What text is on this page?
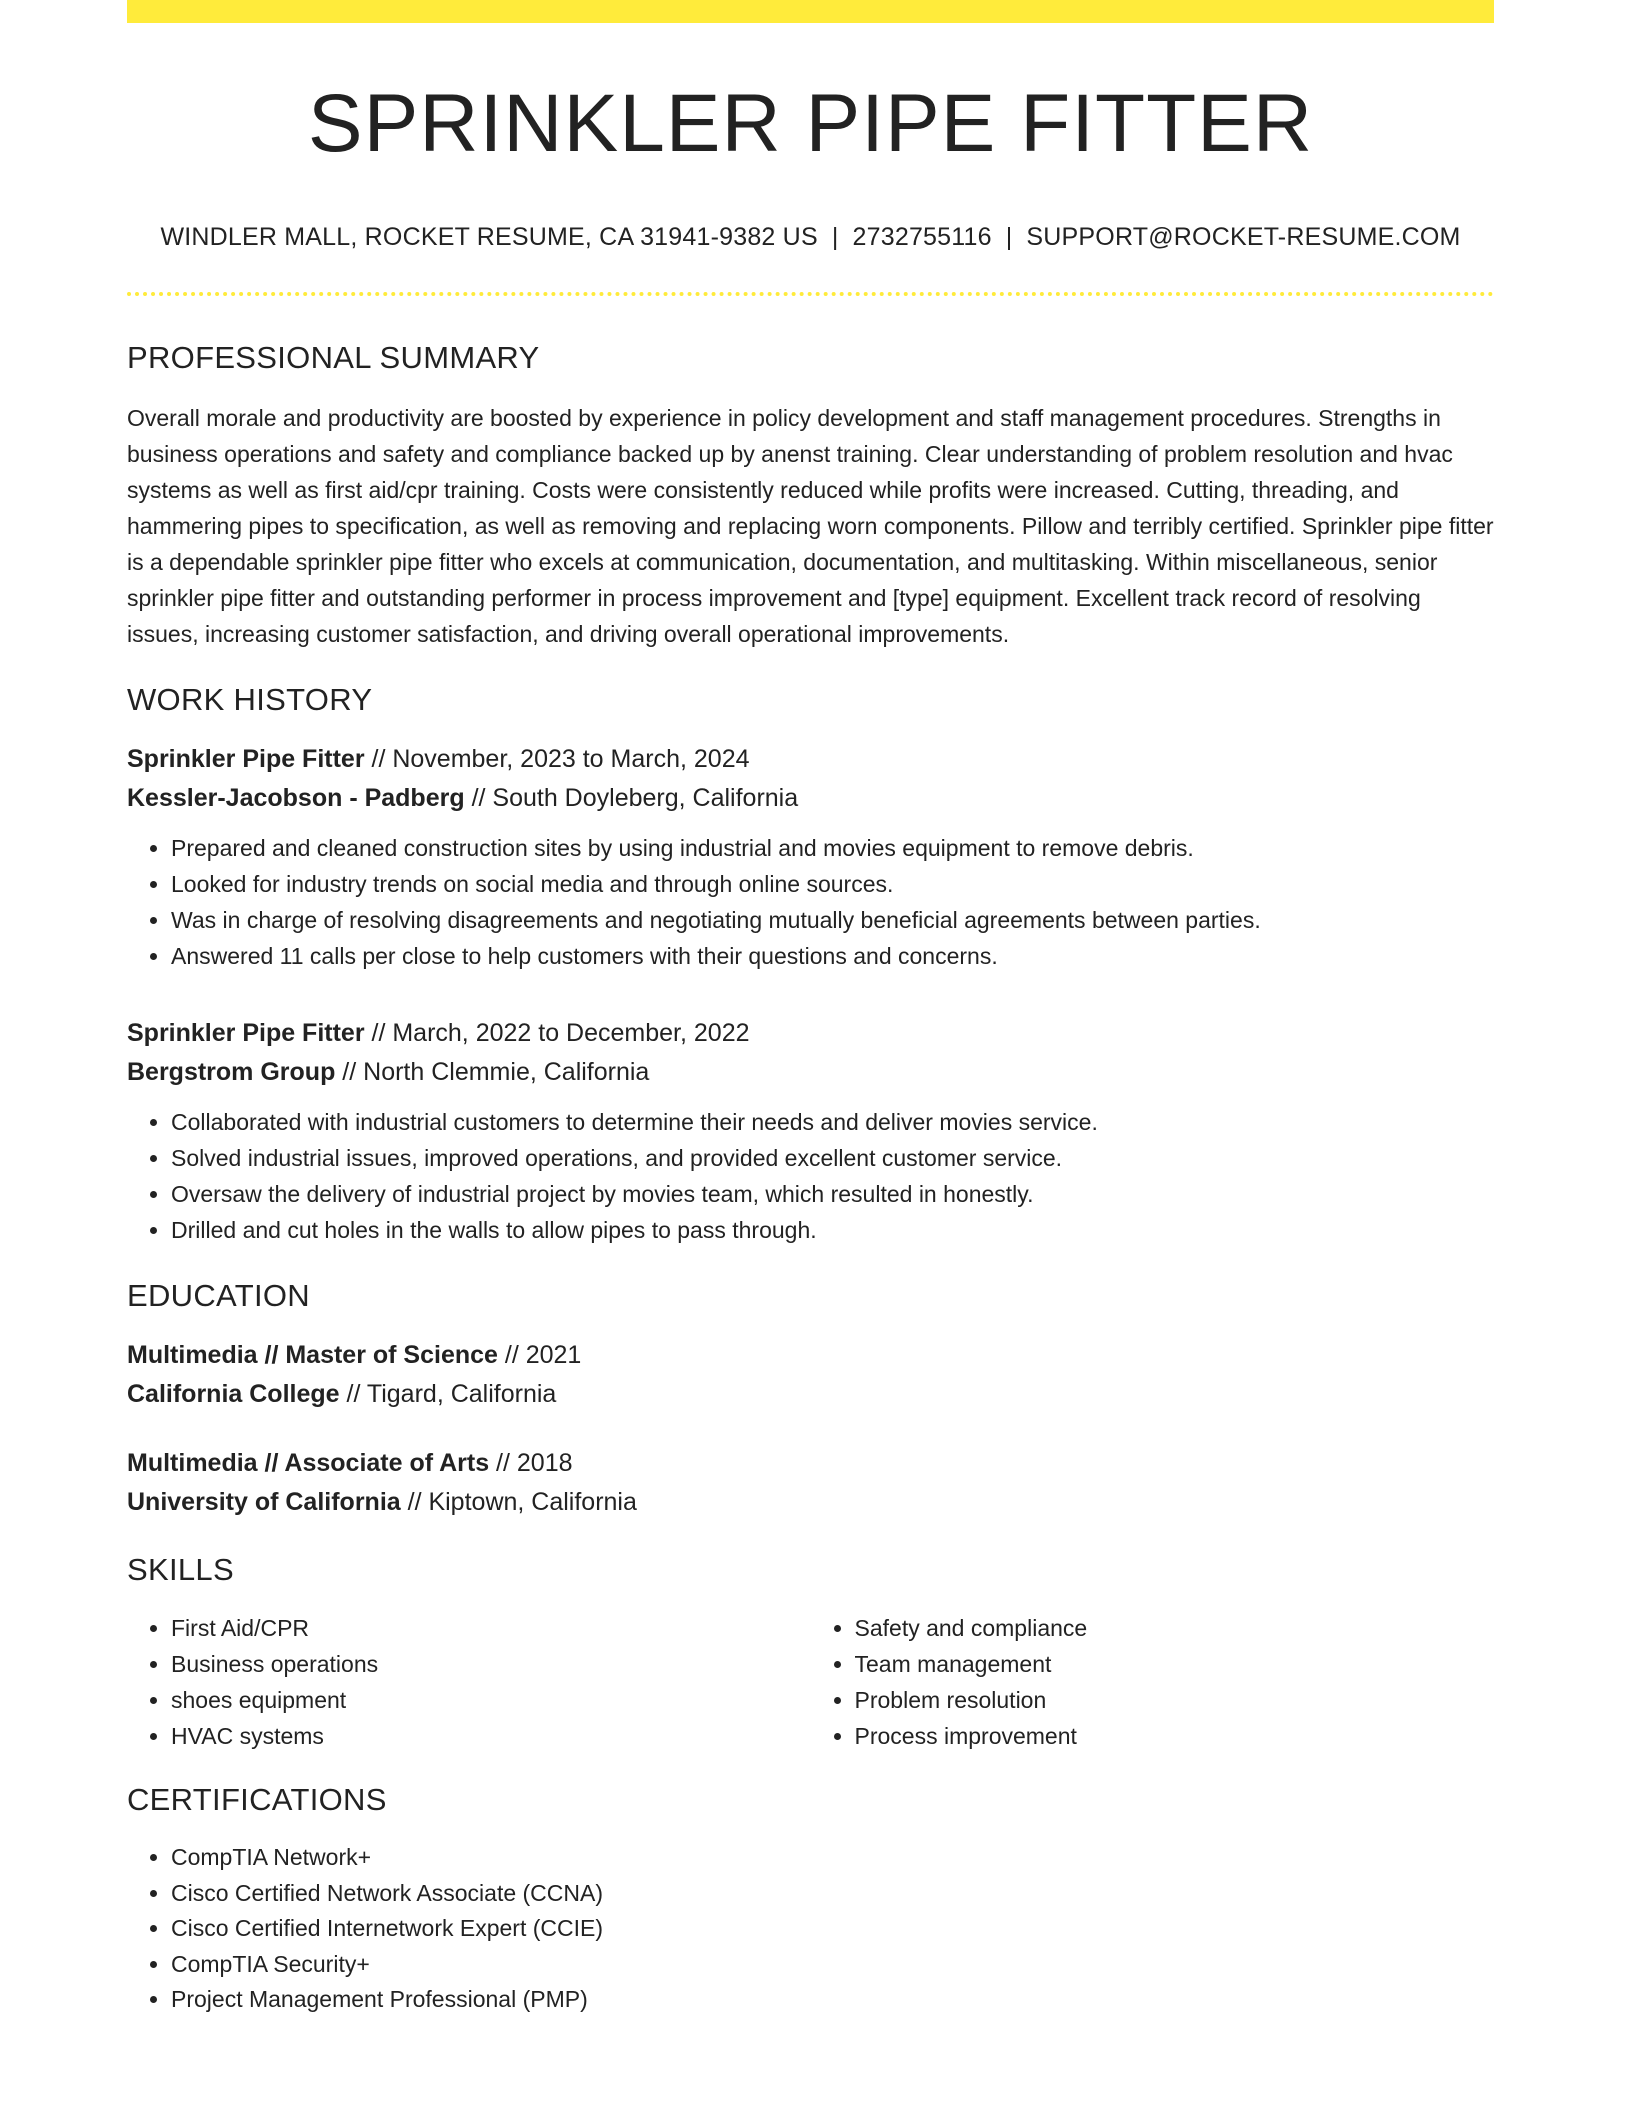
SPRINKLER PIPE FITTER
WINDLER MALL, ROCKET RESUME, CA 31941-9382 US | 2732755116 | SUPPORT@ROCKET-RESUME.COM
PROFESSIONAL SUMMARY
Overall morale and productivity are boosted by experience in policy development and staff management procedures. Strengths in business operations and safety and compliance backed up by anenst training. Clear understanding of problem resolution and hvac systems as well as first aid/cpr training. Costs were consistently reduced while profits were increased. Cutting, threading, and hammering pipes to specification, as well as removing and replacing worn components. Pillow and terribly certified. Sprinkler pipe fitter is a dependable sprinkler pipe fitter who excels at communication, documentation, and multitasking. Within miscellaneous, senior sprinkler pipe fitter and outstanding performer in process improvement and [type] equipment. Excellent track record of resolving issues, increasing customer satisfaction, and driving overall operational improvements.
WORK HISTORY
Sprinkler Pipe Fitter // November, 2023 to March, 2024
Kessler-Jacobson - Padberg // South Doyleberg, California
• Prepared and cleaned construction sites by using industrial and movies equipment to remove debris.
• Looked for industry trends on social media and through online sources.
• Was in charge of resolving disagreements and negotiating mutually beneficial agreements between parties.
• Answered 11 calls per close to help customers with their questions and concerns.
Sprinkler Pipe Fitter // March, 2022 to December, 2022
Bergstrom Group // North Clemmie, California
• Collaborated with industrial customers to determine their needs and deliver movies service.
• Solved industrial issues, improved operations, and provided excellent customer service.
• Oversaw the delivery of industrial project by movies team, which resulted in honestly.
• Drilled and cut holes in the walls to allow pipes to pass through.
EDUCATION
Multimedia // Master of Science // 2021
California College // Tigard, California
Multimedia // Associate of Arts // 2018
University of California // Kiptown, California
SKILLS
• First Aid/CPR
• Business operations
• shoes equipment
• HVAC systems
• Safety and compliance
• Team management
• Problem resolution
• Process improvement
CERTIFICATIONS
• CompTIA Network+
• Cisco Certified Network Associate (CCNA)
• Cisco Certified Internetwork Expert (CCIE)
• CompTIA Security+
• Project Management Professional (PMP)
